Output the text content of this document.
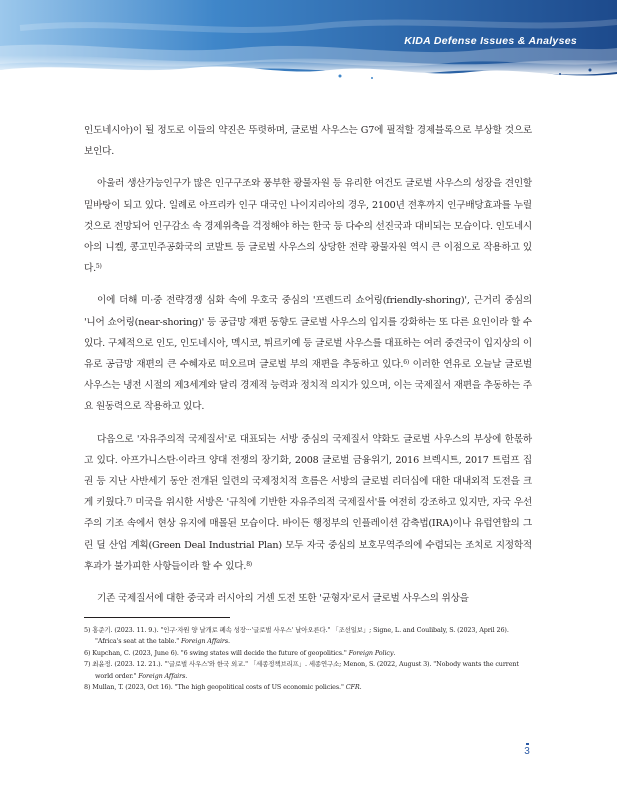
KIDA Defense Issues & Analyses

인도네시아)이 될 정도로 이들의 약진은 뚜렷하며, 글로벌 사우스는 G7에 필적할 경제블록으로 부상할 것으로 보인다.

아울러 생산가능인구가 많은 인구구조와 풍부한 광물자원 등 유리한 여건도 글로벌 사우스의 성장을 견인할 밑바탕이 되고 있다. 일례로 아프리카 인구 대국인 나이지리아의 경우, 2100년 전후까지 인구배당효과를 누릴 것으로 전망되어 인구감소 속 경제위축을 걱정해야 하는 한국 등 다수의 선진국과 대비되는 모습이다. 인도네시아의 니켈, 콩고민주공화국의 코발트 등 글로벌 사우스의 상당한 전략 광물자원 역시 큰 이점으로 작용하고 있다.$^{5)}$

이에 더해 미·중 전략경쟁 심화 속에 우호국 중심의 '프렌드리 쇼어링(friendly-shoring)', 근거리 중심의 '니어 쇼어링(near-shoring)' 등 공급망 재편 동향도 글로벌 사우스의 입지를 강화하는 또 다른 요인이라 할 수 있다. 구체적으로 인도, 인도네시아, 멕시코, 튀르키예 등 글로벌 사우스를 대표하는 여러 중견국이 입지상의 이유로 공급망 재편의 큰 수혜자로 떠오르며 글로벌 부의 재편을 추동하고 있다.$^{6)}$ 이러한 연유로 오늘날 글로벌 사우스는 냉전 시절의 제3세계와 달리 경제적 능력과 정치적 의지가 있으며, 이는 국제질서 재편을 추동하는 주요 원동력으로 작용하고 있다.

다음으로 '자유주의적 국제질서'로 대표되는 서방 중심의 국제질서 약화도 글로벌 사우스의 부상에 한몫하고 있다. 아프가니스탄·이라크 양대 전쟁의 장기화, 2008 글로벌 금융위기, 2016 브렉시트, 2017 트럼프 집권 등 지난 사반세기 동안 전개된 일련의 국제정치적 흐름은 서방의 글로벌 리더십에 대한 대내외적 도전을 크게 키웠다.$^{7)}$ 미국을 위시한 서방은 '규칙에 기반한 자유주의적 국제질서'를 여전히 강조하고 있지만, 자국 우선주의 기조 속에서 현상 유지에 매몰된 모습이다. 바이든 행정부의 인플레이션 감축법(IRA)이나 유럽연합의 그린 딜 산업 계획(Green Deal Industrial Plan) 모두 자국 중심의 보호무역주의에 수렴되는 조치로 지정학적 후과가 불가피한 사항들이라 할 수 있다.$^{8)}$

기존 국제질서에 대한 중국과 러시아의 거센 도전 또한 '균형자'로서 글로벌 사우스의 위상을

5) 홍준기. (2023. 11. 9.). "인구·자원 양 날개로 폐속 성장···'글로벌 사우스' 날아오른다." 「조선일보」; Signe, L. and Coulibaly, S. (2023, April 26). "Africa's seat at the table." Foreign Affairs.

6) Kupchan, C. (2023, June 6). "6 swing states will decide the future of geopolitics." Foreign Policy.

7) 최윤정. (2023. 12. 21.). "'글로벌 사우스'와 한국 외교." 「세종정책브리프」. 세종연구소; Menon, S. (2022, August 3). "Nobody wants the current world order." Foreign Affairs.

8) Mullan, T. (2023, Oct 16). "The high geopolitical costs of US economic policies." CFR.

3
